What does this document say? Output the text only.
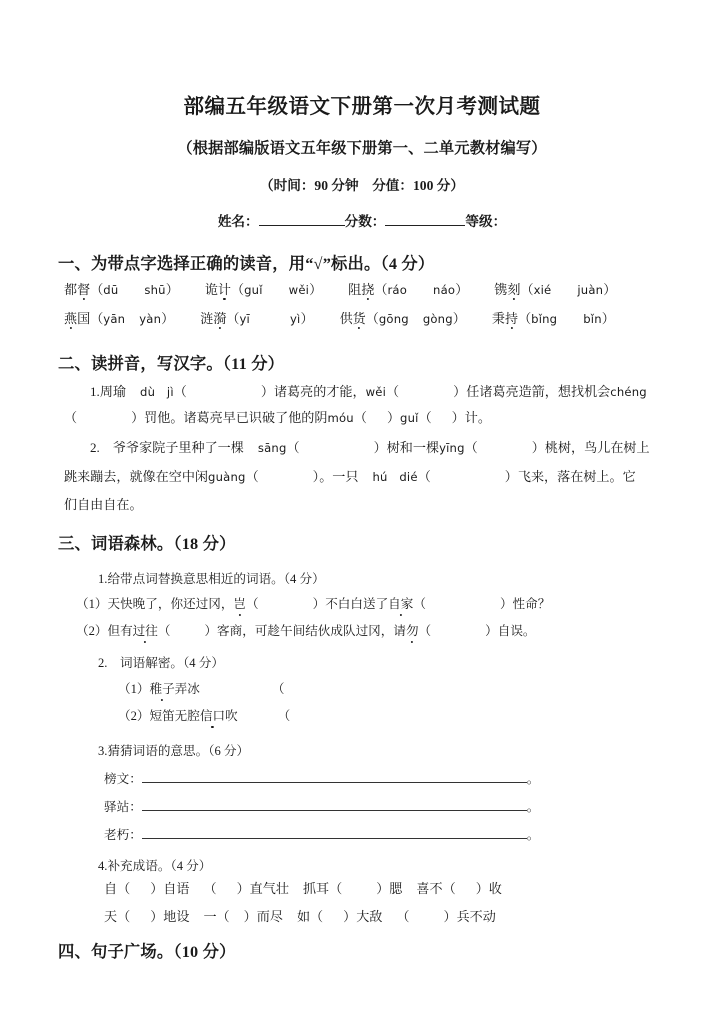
部编五年级语文下册第一次月考测试题

（根据部编版语文五年级下册第一、二单元教材编写）

（时间：90 分钟　分值：100 分）

姓名：	分数：	等级：

一、为带点字选择正确的读音，用“√”标出。（4 分）
都督（dū shū） 诡计（guǐ wěi） 阻挠（ráo náo） 镌刻（xié juàn）
燕国（yān yàn） 涟漪（yī	yì） 供货（gōng gòng） 秉持（bǐng bǐn）
二、读拼音，写汉字。（11 分）
1.周瑜 dù　jì（	）诸葛亮的才能，wěi（	）任诸葛亮造箭，想找机会chéng
（	）罚他。诸葛亮早已识破了他的阴móu（ ）guǐ（ ）计。
2.　爷爷家院子里种了一棵 sāng（	）树和一棵yīng（	）桃树，鸟儿在树上
跳来蹦去，就像在空中闲guàng（	）。一只 hú　dié（	）飞来，落在树上。它
们自由自在。
三、词语森林。（18 分）
1.给带点词替换意思相近的词语。（4 分）
（1）天快晚了，你还过冈，岂（	）不白白送了自家（	）性命？
（2）但有过往（	）客商，可趁午间结伙成队过冈，请勿（	）自误。
2.　词语解密。（4 分）
（1）稚子弄冰	（
（2）短笛无腔信口吹	（
3.猜猜词语的意思。（6 分）
榜文：	。
驿站：	。
老朽：	。
4.补充成语。（4 分）
自（ ）自语 （ ）直气壮 抓耳（	）腮 喜不（ ）收
天（ ）地设 一（ ）而尽 如（ ）大敌 （	）兵不动
四、句子广场。（10 分）
